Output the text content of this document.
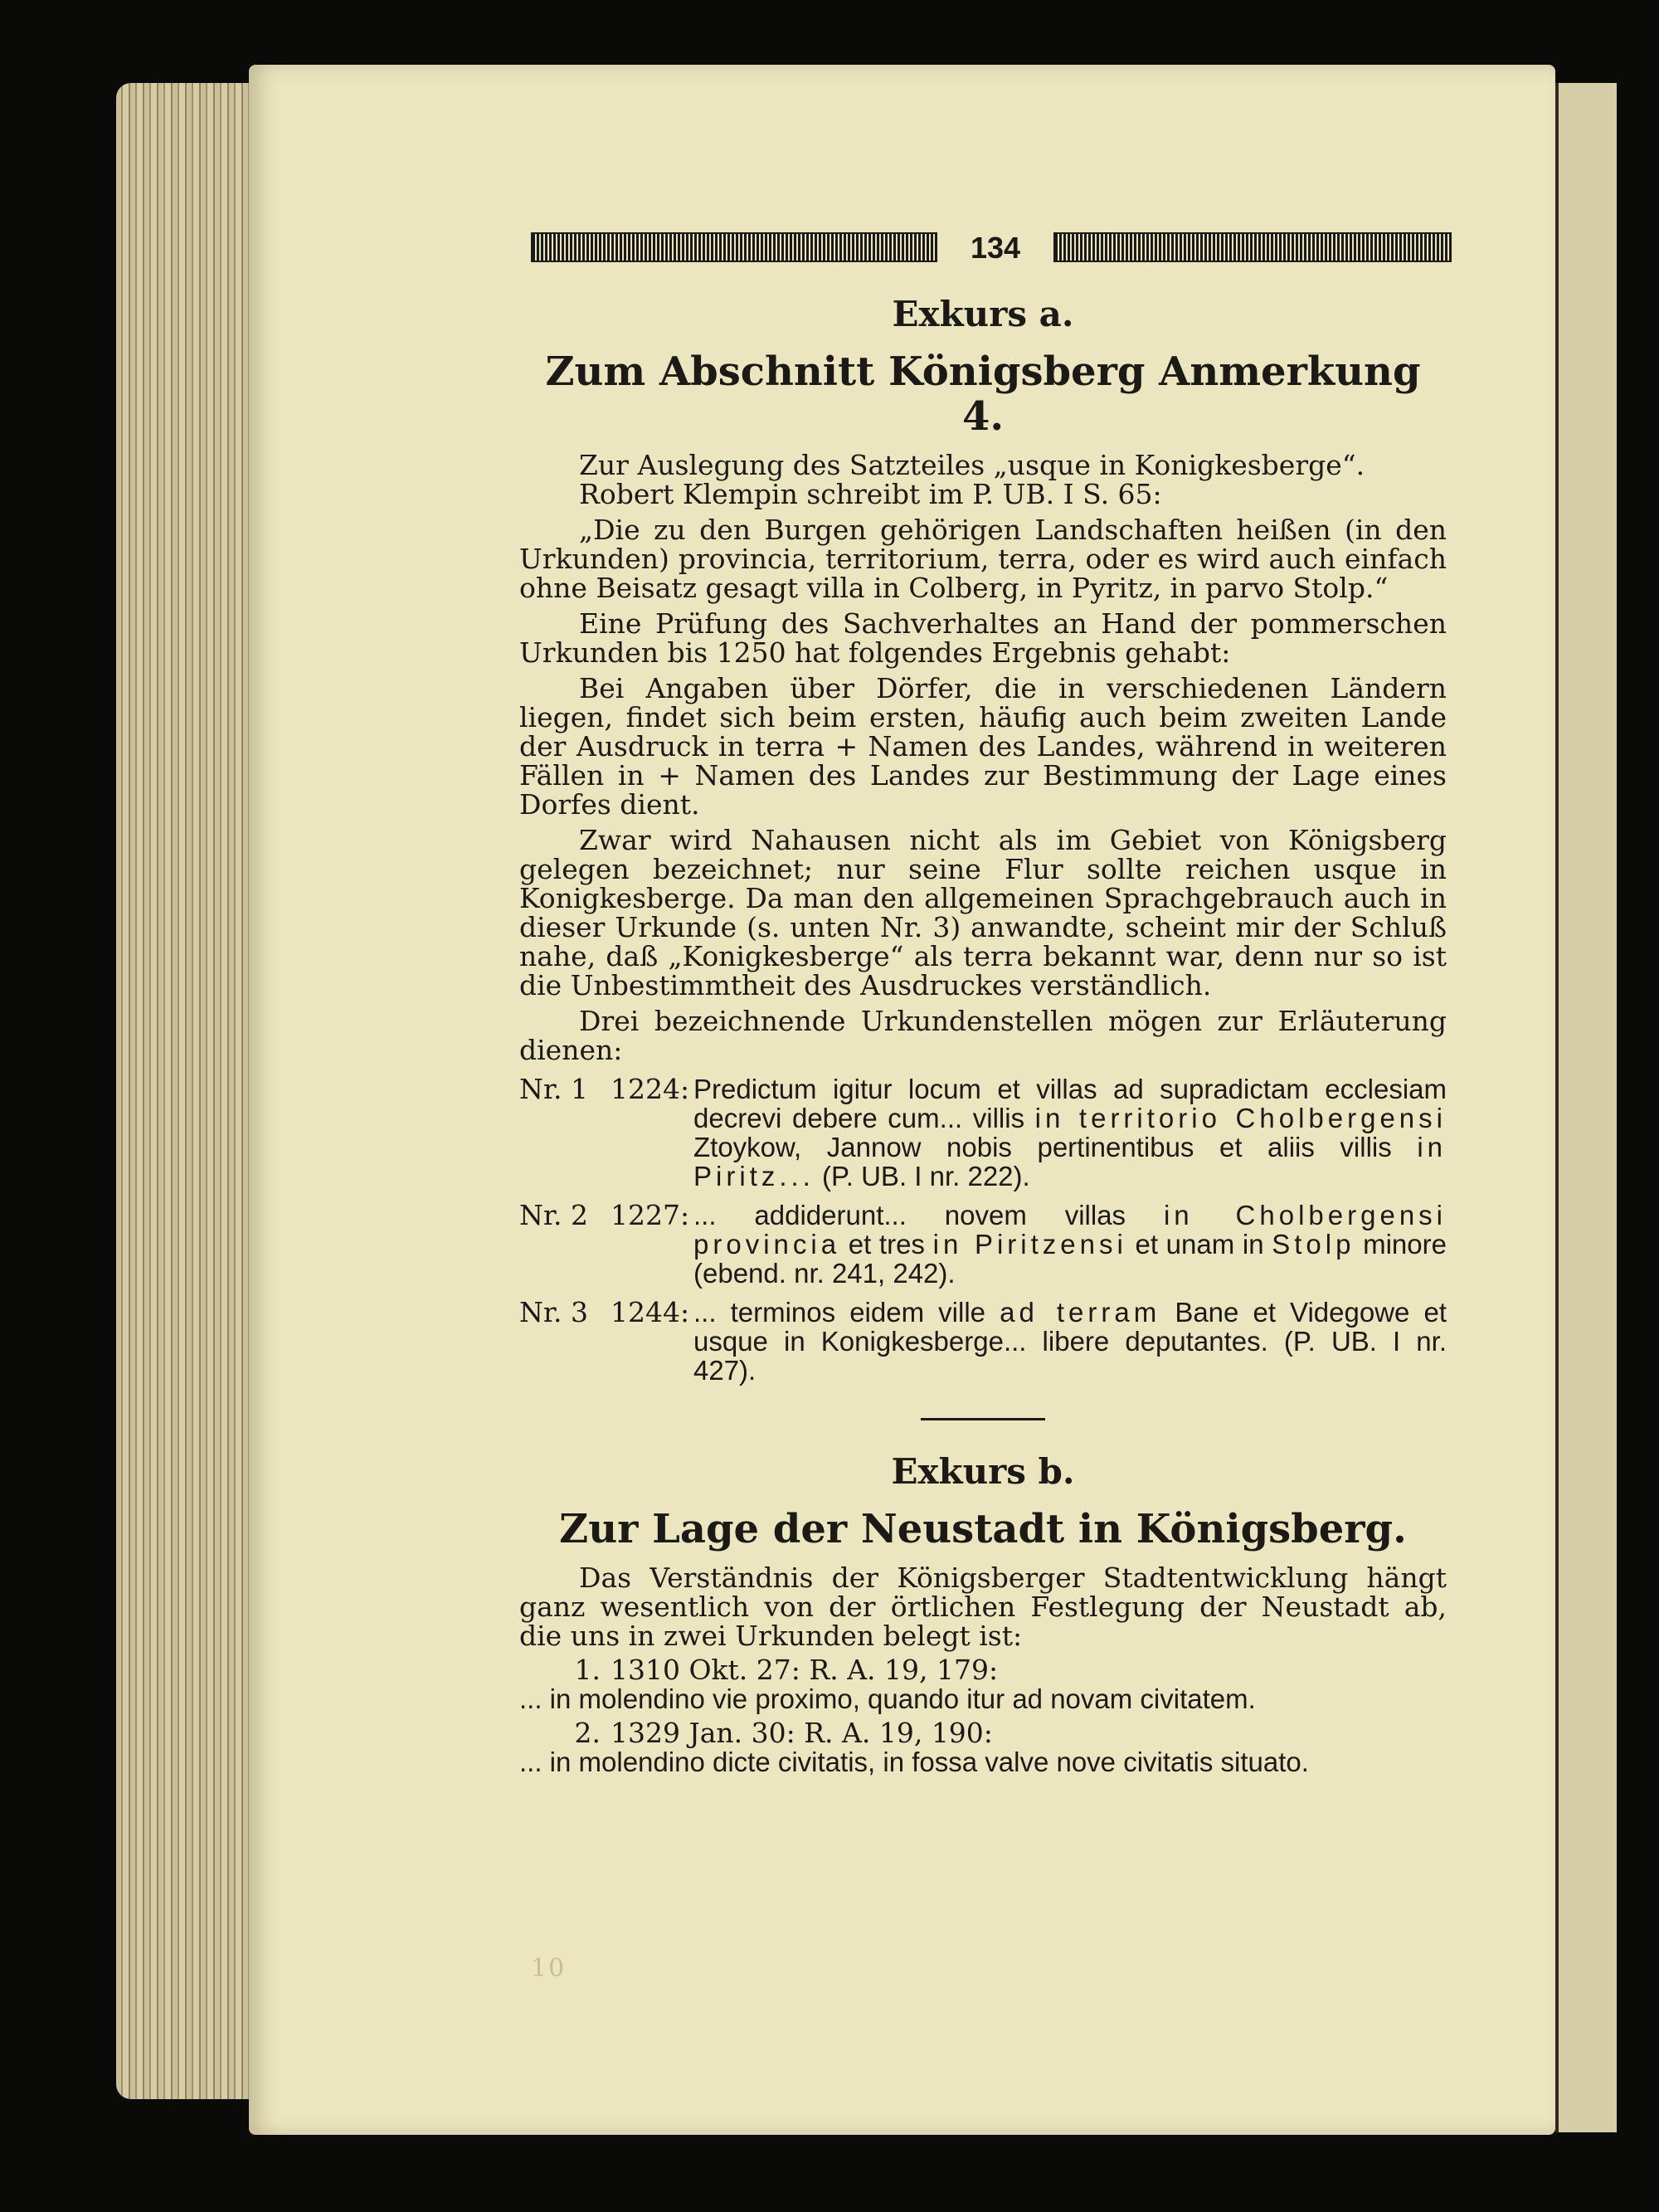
10
134
Exkurs a.
Zum Abschnitt Königsberg Anmerkung 4.

Zur Auslegung des Satzteiles „usque in Konigkesberge“.

Robert Klempin schreibt im P. UB. I S. 65:

„Die zu den Burgen gehörigen Landschaften heißen (in den Urkunden) provincia, territorium, terra, oder es wird auch einfach ohne Beisatz gesagt villa in Colberg, in Pyritz, in parvo Stolp.“

Eine Prüfung des Sachverhaltes an Hand der pommerschen Urkunden bis 1250 hat folgendes Ergebnis gehabt:

Bei Angaben über Dörfer, die in verschiedenen Ländern liegen, findet sich beim ersten, häufig auch beim zweiten Lande der Ausdruck in terra + Namen des Landes, während in weiteren Fällen in + Namen des Landes zur Bestimmung der Lage eines Dorfes dient.

Zwar wird Nahausen nicht als im Gebiet von Königsberg gelegen bezeichnet; nur seine Flur sollte reichen usque in Konigkesberge. Da man den allgemeinen Sprachgebrauch auch in dieser Urkunde (s. unten Nr. 3) anwandte, scheint mir der Schluß nahe, daß „Konigkesberge“ als terra bekannt war, denn nur so ist die Unbestimmtheit des Ausdruckes verständlich.

Drei bezeichnende Urkundenstellen mögen zur Erläuterung dienen:

Nr. 1 1224: Predictum igitur locum et villas ad supradictam ecclesiam decrevi debere cum... villis in territorio Cholbergensi Ztoykow, Jannow nobis pertinentibus et aliis villis in Piritz... (P. UB. I nr. 222).
Nr. 2 1227: ... addiderunt... novem villas in Cholbergensi provincia et tres in Piritzensi et unam in Stolp minore (ebend. nr. 241, 242).
Nr. 3 1244: ... terminos eidem ville ad terram Bane et Videgowe et usque in Konigkesberge... libere deputantes. (P. UB. I nr. 427).
Exkurs b.
Zur Lage der Neustadt in Königsberg.

Das Verständnis der Königsberger Stadtentwicklung hängt ganz wesentlich von der örtlichen Festlegung der Neustadt ab, die uns in zwei Urkunden belegt ist:

1. 1310 Okt. 27: R. A. 19, 179:

... in molendino vie proximo, quando itur ad novam civitatem.

2. 1329 Jan. 30: R. A. 19, 190:

... in molendino dicte civitatis, in fossa valve nove civitatis situato.
